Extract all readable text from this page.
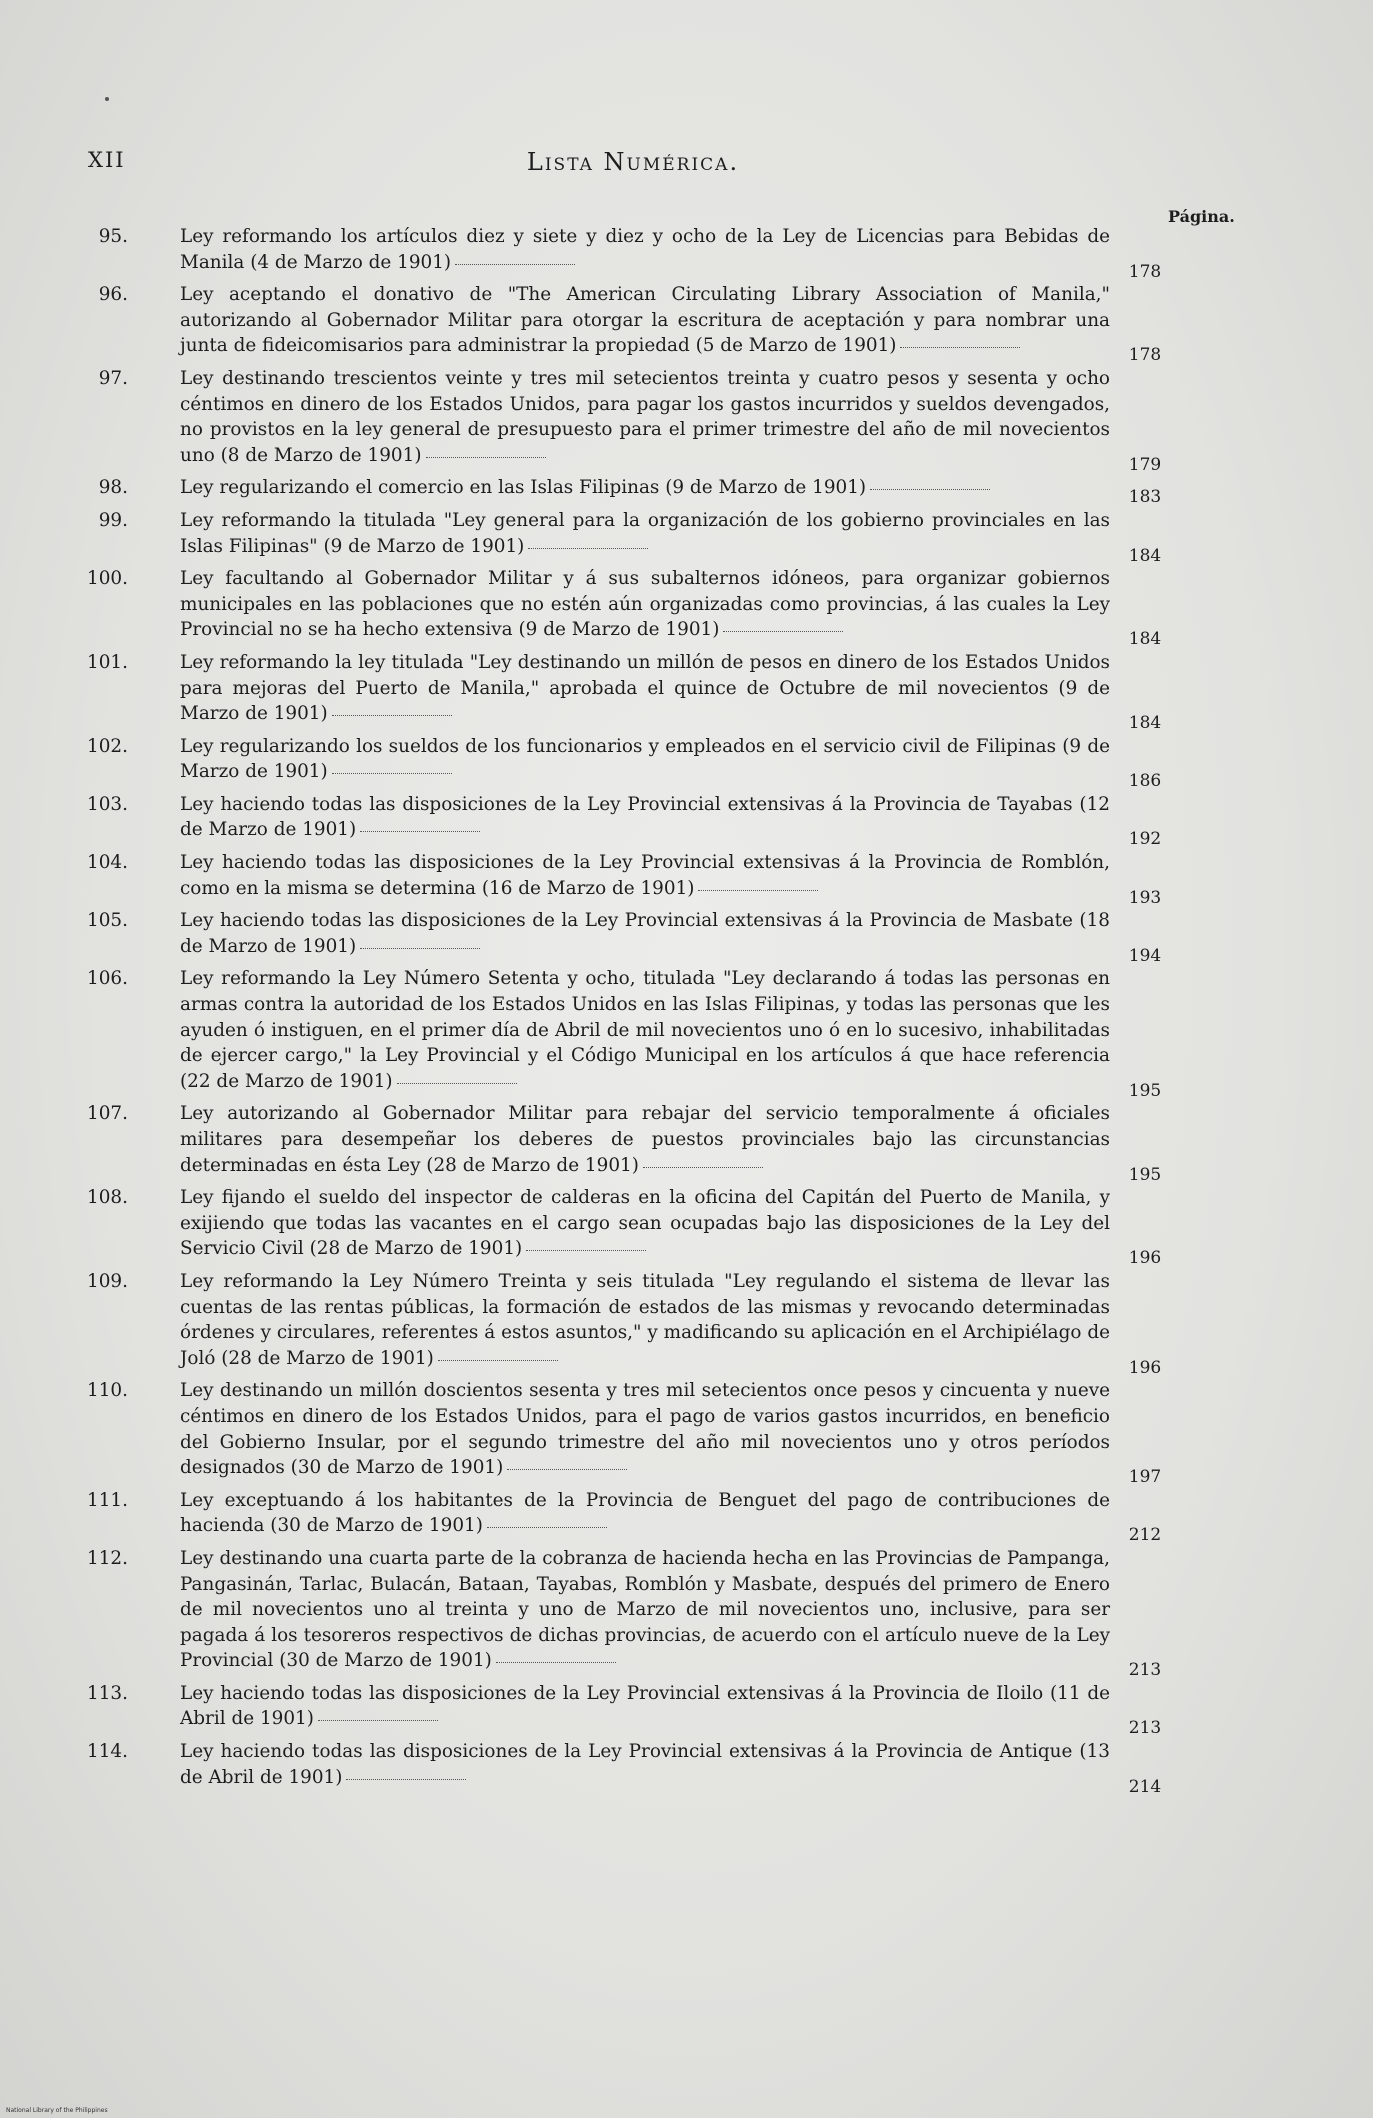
XII	Lista Numérica.
Página.
95 .	Ley reformando los artículos diez y siete y diez y ocho de la Ley de Licencias para Bebidas de Manila (4 de Marzo de 1901)	178
96 .	Ley aceptando el donativo de "The American Circulating Library Association of Manila," autorizando al Gobernador Militar para otorgar la escritura de aceptación y para nombrar una junta de fideicomisarios para administrar la propiedad (5 de Marzo de 1901)	178
97 .	Ley destinando trescientos veinte y tres mil setecientos treinta y cuatro pesos y sesenta y ocho céntimos en dinero de los Estados Unidos, para pagar los gastos incurridos y sueldos devengados, no provistos en la ley general de presupuesto para el primer trimestre del año de mil novecientos uno (8 de Marzo de 1901)	179
98 .	Ley regularizando el comercio en las Islas Filipinas (9 de Marzo de 1901)	183
99 .	Ley reformando la titulada "Ley general para la organización de los gobierno provinciales en las Islas Filipinas" (9 de Marzo de 1901)	184
100 .	Ley facultando al Gobernador Militar y á sus subalternos idóneos, para organizar gobiernos municipales en las poblaciones que no estén aún organizadas como provincias, á las cuales la Ley Provincial no se ha hecho extensiva (9 de Marzo de 1901)	184
101 .	Ley reformando la ley titulada "Ley destinando un millón de pesos en dinero de los Estados Unidos para mejoras del Puerto de Manila," aprobada el quince de Octubre de mil novecientos (9 de Marzo de 1901)	184
102 .	Ley regularizando los sueldos de los funcionarios y empleados en el servicio civil de Filipinas (9 de Marzo de 1901)	186
103 .	Ley haciendo todas las disposiciones de la Ley Provincial extensivas á la Provincia de Tayabas (12 de Marzo de 1901)	192
104 .	Ley haciendo todas las disposiciones de la Ley Provincial extensivas á la Provincia de Romblón, como en la misma se determina (16 de Marzo de 1901)	193
105 .	Ley haciendo todas las disposiciones de la Ley Provincial extensivas á la Provincia de Masbate (18 de Marzo de 1901)	194
106 .	Ley reformando la Ley Número Setenta y ocho, titulada "Ley declarando á todas las personas en armas contra la autoridad de los Estados Unidos en las Islas Filipinas, y todas las personas que les ayuden ó instiguen, en el primer día de Abril de mil novecientos uno ó en lo sucesivo, inhabilitadas de ejercer cargo," la Ley Provincial y el Código Municipal en los artículos á que hace referencia (22 de Marzo de 1901)	195
107 .	Ley autorizando al Gobernador Militar para rebajar del servicio temporalmente á oficiales militares para desempeñar los deberes de puestos provinciales bajo las circunstancias determinadas en ésta Ley (28 de Marzo de 1901)	195
108 .	Ley fijando el sueldo del inspector de calderas en la oficina del Capitán del Puerto de Manila, y exijiendo que todas las vacantes en el cargo sean ocupadas bajo las disposiciones de la Ley del Servicio Civil (28 de Marzo de 1901)	196
109 .	Ley reformando la Ley Número Treinta y seis titulada "Ley regulando el sistema de llevar las cuentas de las rentas públicas, la formación de estados de las mismas y revocando determinadas órdenes y circulares, referentes á estos asuntos," y madificando su aplicación en el Archipiélago de Joló (28 de Marzo de 1901)	196
110 .	Ley destinando un millón doscientos sesenta y tres mil setecientos once pesos y cincuenta y nueve céntimos en dinero de los Estados Unidos, para el pago de varios gastos incurridos, en beneficio del Gobierno Insular, por el segundo trimestre del año mil novecientos uno y otros períodos designados (30 de Marzo de 1901)	197
111 .	Ley exceptuando á los habitantes de la Provincia de Benguet del pago de contribuciones de hacienda (30 de Marzo de 1901)	212
112 .	Ley destinando una cuarta parte de la cobranza de hacienda hecha en las Provincias de Pampanga, Pangasinán, Tarlac, Bulacán, Bataan, Tayabas, Romblón y Masbate, después del primero de Enero de mil novecientos uno al treinta y uno de Marzo de mil novecientos uno, inclusive, para ser pagada á los tesoreros respectivos de dichas provincias, de acuerdo con el artículo nueve de la Ley Provincial (30 de Marzo de 1901)	213
113 .	Ley haciendo todas las disposiciones de la Ley Provincial extensivas á la Provincia de Iloilo (11 de Abril de 1901)	213
114 .	Ley haciendo todas las disposiciones de la Ley Provincial extensivas á la Provincia de Antique (13 de Abril de 1901)	214
National Library of the Philippines
